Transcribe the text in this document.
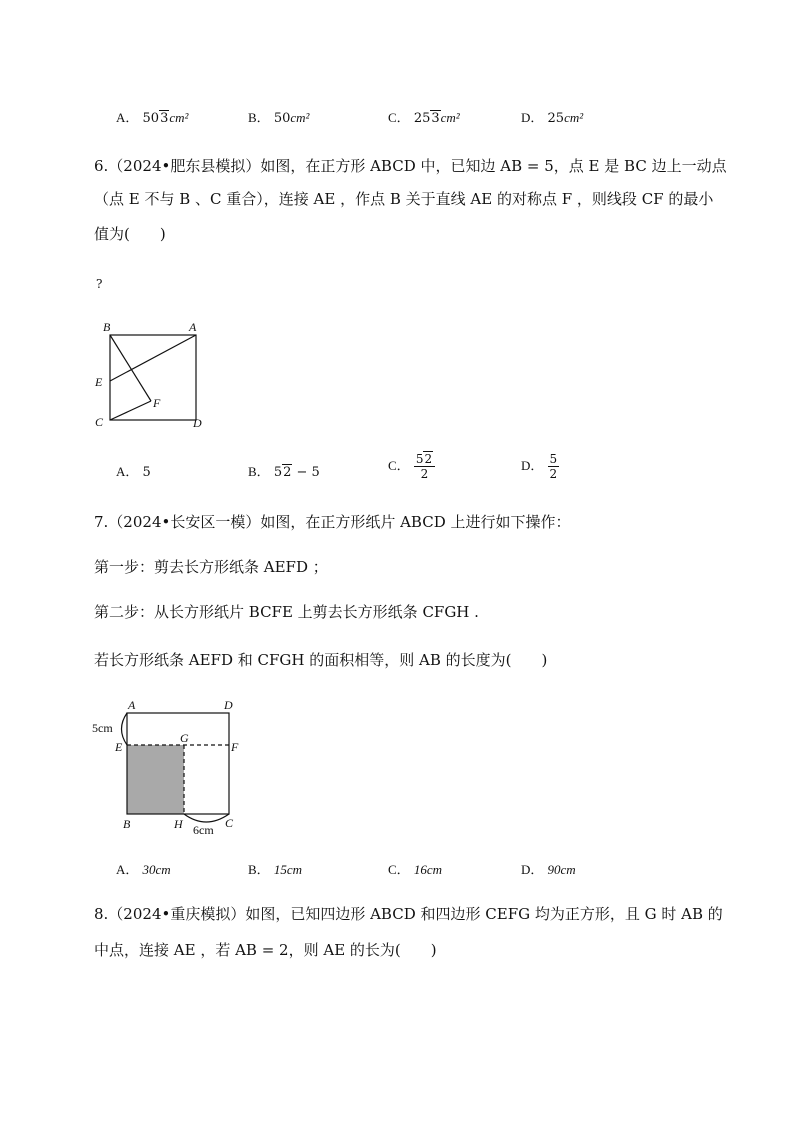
A． 503cm²	B． 50cm²	C． 253cm²	D． 25cm²
6.（2024•肥东县模拟）如图，在正方形 ABCD 中，已知边 AB = 5，点 E 是 BC 边上一动点
（点 E 不与 B 、C 重合），连接 AE ，作点 B 关于直线 AE 的对称点 F ，则线段 CF 的最小
值为(　　)
?
B	A
E
F
C	D
A． 5	B． 52 − 5	C． $\frac{52}{2}$	D． $\frac{5}{2}$
7.（2024•长安区一模）如图，在正方形纸片 ABCD 上进行如下操作：
第一步：剪去长方形纸条 AEFD ；
第二步：从长方形纸片 BCFE 上剪去长方形纸条 CFGH .
若长方形纸条 AEFD 和 CFGH 的面积相等，则 AB 的长度为(　　)
A	D
5cm
E
G
F
B	H	C
6cm
A． 30cm	B． 15cm	C． 16cm	D． 90cm
8.（2024•重庆模拟）如图，已知四边形 ABCD 和四边形 CEFG 均为正方形，且 G 时 AB 的
中点，连接 AE ，若 AB = 2，则 AE 的长为(　　)
